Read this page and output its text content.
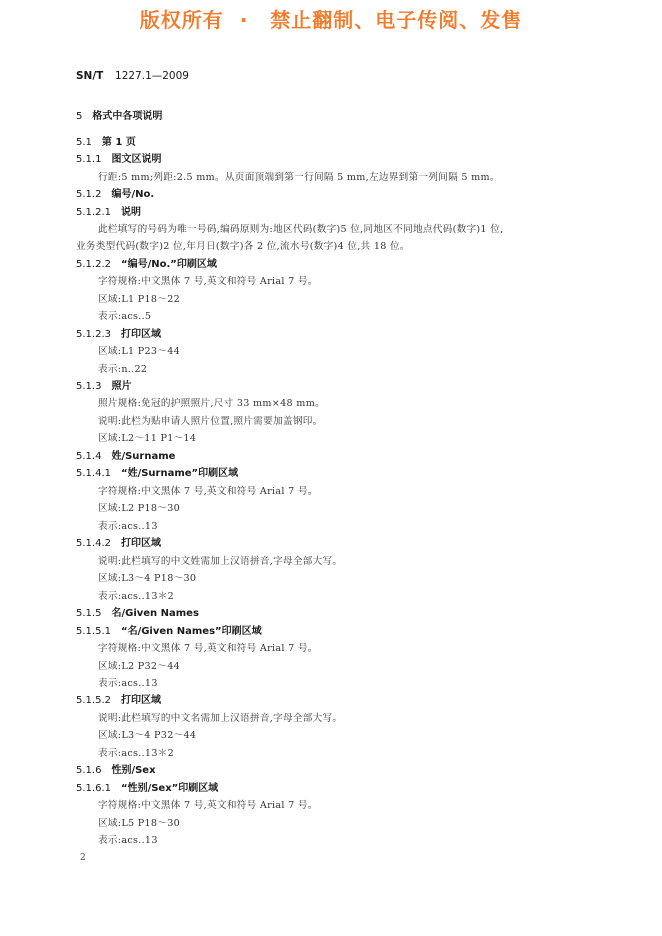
版权所有 · 禁止翻制、电子传阅、发售
SN/T 1227.1—2009
5 格式中各项说明
5.1 第 1 页
5.1.1 图文区说明
行距:5 mm;列距:2.5 mm。从页面顶端到第一行间隔 5 mm,左边界到第一列间隔 5 mm。
5.1.2 编号/No.
5.1.2.1 说明
此栏填写的号码为唯一号码,编码原则为:地区代码(数字)5 位,同地区不同地点代码(数字)1 位,
业务类型代码(数字)2 位,年月日(数字)各 2 位,流水号(数字)4 位,共 18 位。
5.1.2.2 “编号/No.”印刷区域
字符规格:中文黑体 7 号,英文和符号 Arial 7 号。
区域:L1 P18～22
表示:acs..5
5.1.2.3 打印区域
区域:L1 P23～44
表示:n..22
5.1.3 照片
照片规格:免冠的护照照片,尺寸 33 mm×48 mm。
说明:此栏为贴申请人照片位置,照片需要加盖钢印。
区域:L2～11 P1～14
5.1.4 姓/Surname
5.1.4.1 “姓/Surname”印刷区域
字符规格:中文黑体 7 号,英文和符号 Arial 7 号。
区域:L2 P18～30
表示:acs..13
5.1.4.2 打印区域
说明:此栏填写的中文姓需加上汉语拼音,字母全部大写。
区域:L3～4 P18～30
表示:acs..13＊2
5.1.5 名/Given Names
5.1.5.1 “名/Given Names”印刷区域
字符规格:中文黑体 7 号,英文和符号 Arial 7 号。
区域:L2 P32～44
表示:acs..13
5.1.5.2 打印区域
说明:此栏填写的中文名需加上汉语拼音,字母全部大写。
区域:L3～4 P32～44
表示:acs..13＊2
5.1.6 性别/Sex
5.1.6.1 “性别/Sex”印刷区域
字符规格:中文黑体 7 号,英文和符号 Arial 7 号。
区域:L5 P18～30
表示:acs..13
2
